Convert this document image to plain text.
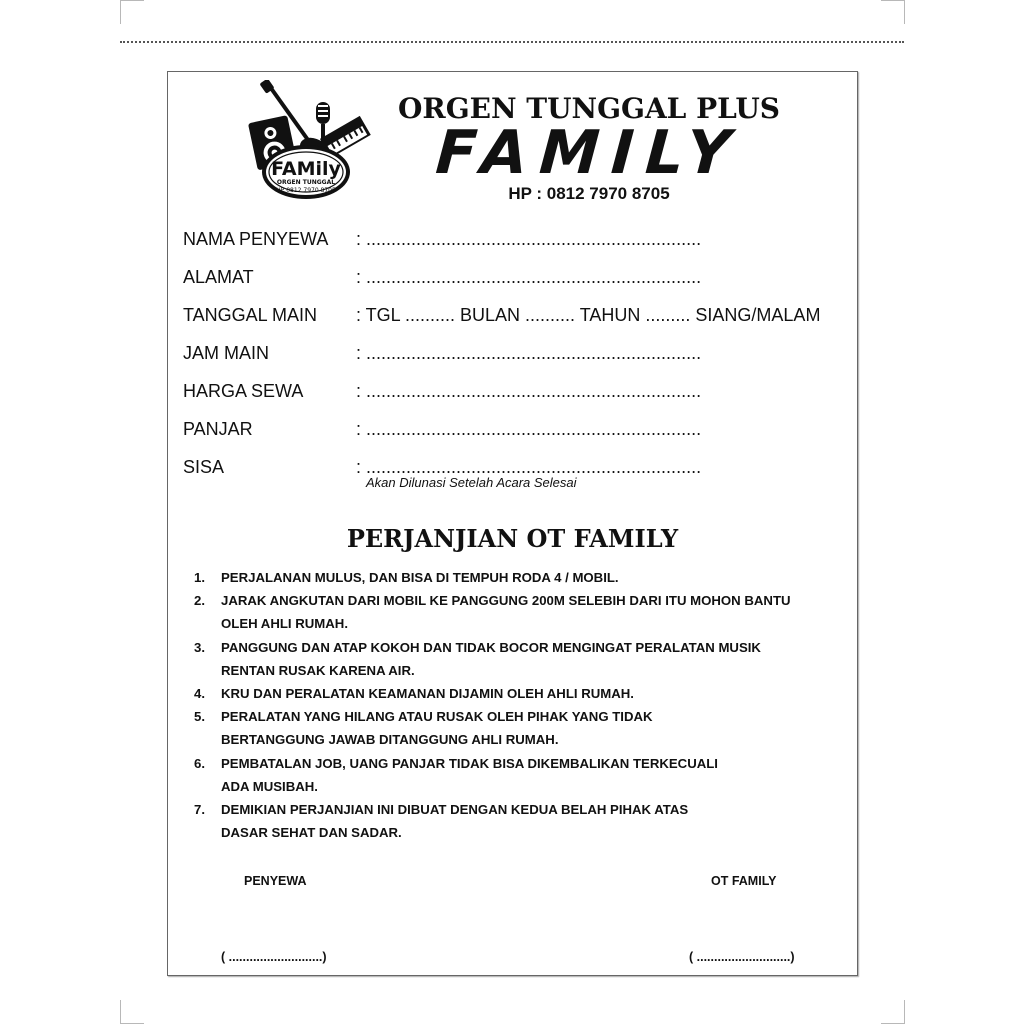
FAMily
ORGEN TUNGGAL
HP 0812 7970 8705
ORGEN TUNGGAL PLUS
FAMILY
HP : 0812 7970 8705
NAMA PENYEWA : ...................................................................
ALAMAT	: ...................................................................
TANGGAL MAIN : TGL .......... BULAN .......... TAHUN ......... SIANG/MALAM
JAM MAIN	: ...................................................................
HARGA SEWA	: ...................................................................
PANJAR	: ...................................................................
SISA	: ...................................................................
Akan Dilunasi Setelah Acara Selesai
PERJANJIAN OT FAMILY
1. PERJALANAN MULUS, DAN BISA DI TEMPUH RODA 4 / MOBIL.
2. JARAK ANGKUTAN DARI MOBIL KE PANGGUNG 200M SELEBIH DARI ITU MOHON BANTU
OLEH AHLI RUMAH.
3. PANGGUNG DAN ATAP KOKOH DAN TIDAK BOCOR MENGINGAT PERALATAN MUSIK
RENTAN RUSAK KARENA AIR.
4. KRU DAN PERALATAN KEAMANAN DIJAMIN OLEH AHLI RUMAH.
5. PERALATAN YANG HILANG ATAU RUSAK OLEH PIHAK YANG TIDAK
BERTANGGUNG JAWAB DITANGGUNG AHLI RUMAH.
6. PEMBATALAN JOB, UANG PANJAR TIDAK BISA DIKEMBALIKAN TERKECUALI
ADA MUSIBAH.
7. DEMIKIAN PERJANJIAN INI DIBUAT DENGAN KEDUA BELAH PIHAK ATAS
DASAR SEHAT DAN SADAR.
PENYEWA	OT FAMILY
( ...........................)	( ...........................)
